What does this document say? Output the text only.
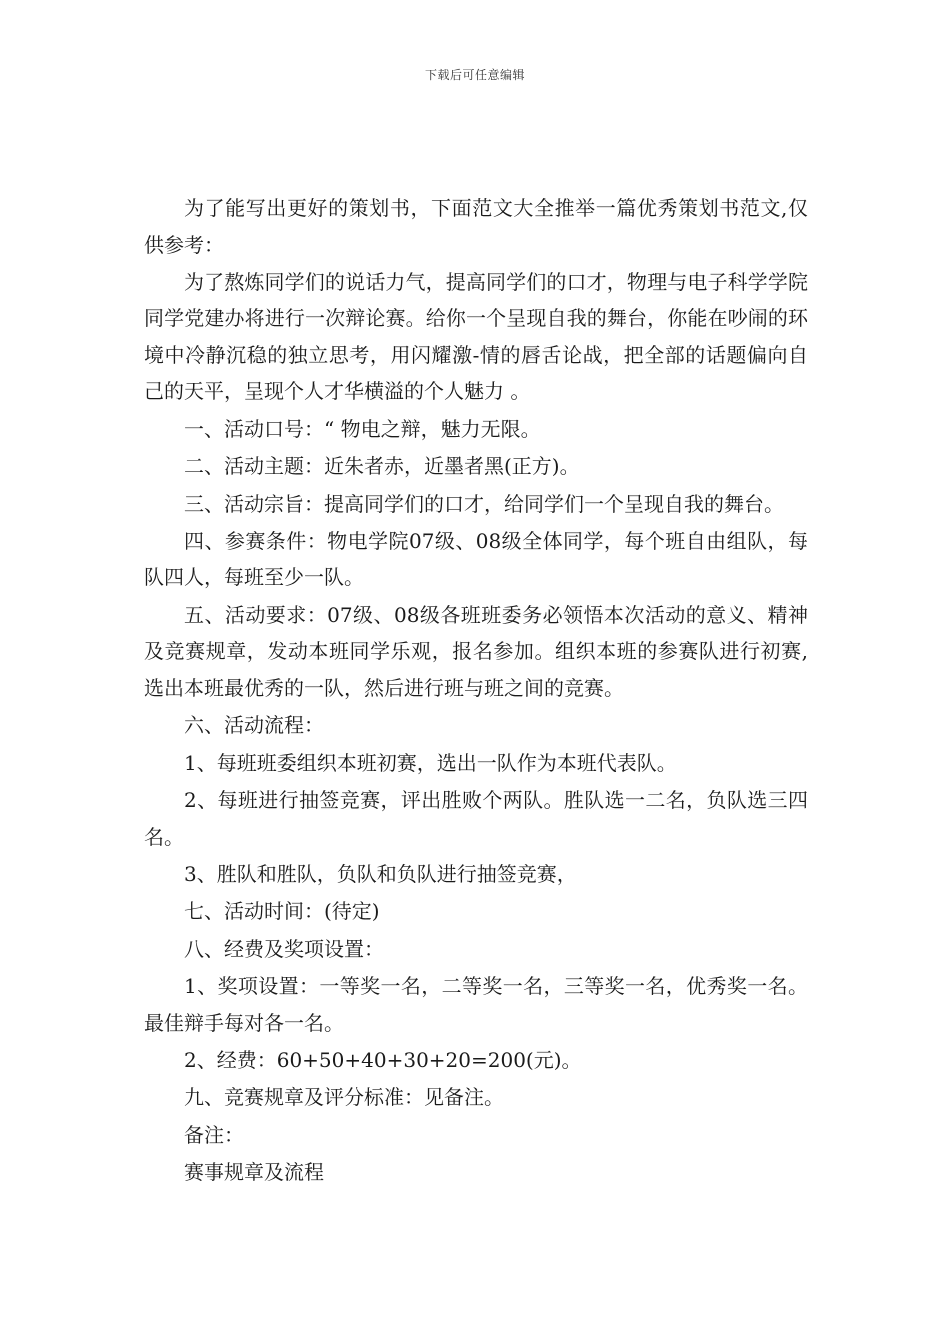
下载后可任意编辑

为了能写出更好的策划书，下面范文大全推举一篇优秀策划书范文,仅供参考：

为了熬炼同学们的说话力气，提高同学们的口才，物理与电子科学学院同学党建办将进行一次辩论赛。给你一个呈现自我的舞台，你能在吵闹的环境中冷静沉稳的独立思考，用闪耀激-情的唇舌论战，把全部的话题偏向自己的天平，呈现个人才华横溢的个人魅力 。

一、活动口号：“ 物电之辩，魅力无限。

二、活动主题：近朱者赤，近墨者黑(正方)。

三、活动宗旨：提高同学们的口才，给同学们一个呈现自我的舞台。

四、参赛条件：物电学院07级、08级全体同学，每个班自由组队，每队四人，每班至少一队。

五、活动要求：07级、08级各班班委务必领悟本次活动的意义、精神及竞赛规章，发动本班同学乐观，报名参加。组织本班的参赛队进行初赛,选出本班最优秀的一队，然后进行班与班之间的竞赛。

六、活动流程：

1、每班班委组织本班初赛，选出一队作为本班代表队。

2、每班进行抽签竞赛，评出胜败个两队。胜队选一二名，负队选三四名。

3、胜队和胜队，负队和负队进行抽签竞赛，

七、活动时间：(待定)

八、经费及奖项设置：

1、奖项设置：一等奖一名，二等奖一名，三等奖一名，优秀奖一名。最佳辩手每对各一名。

2、经费：60+50+40+30+20=200(元)。

九、竞赛规章及评分标准：见备注。

备注：

赛事规章及流程
